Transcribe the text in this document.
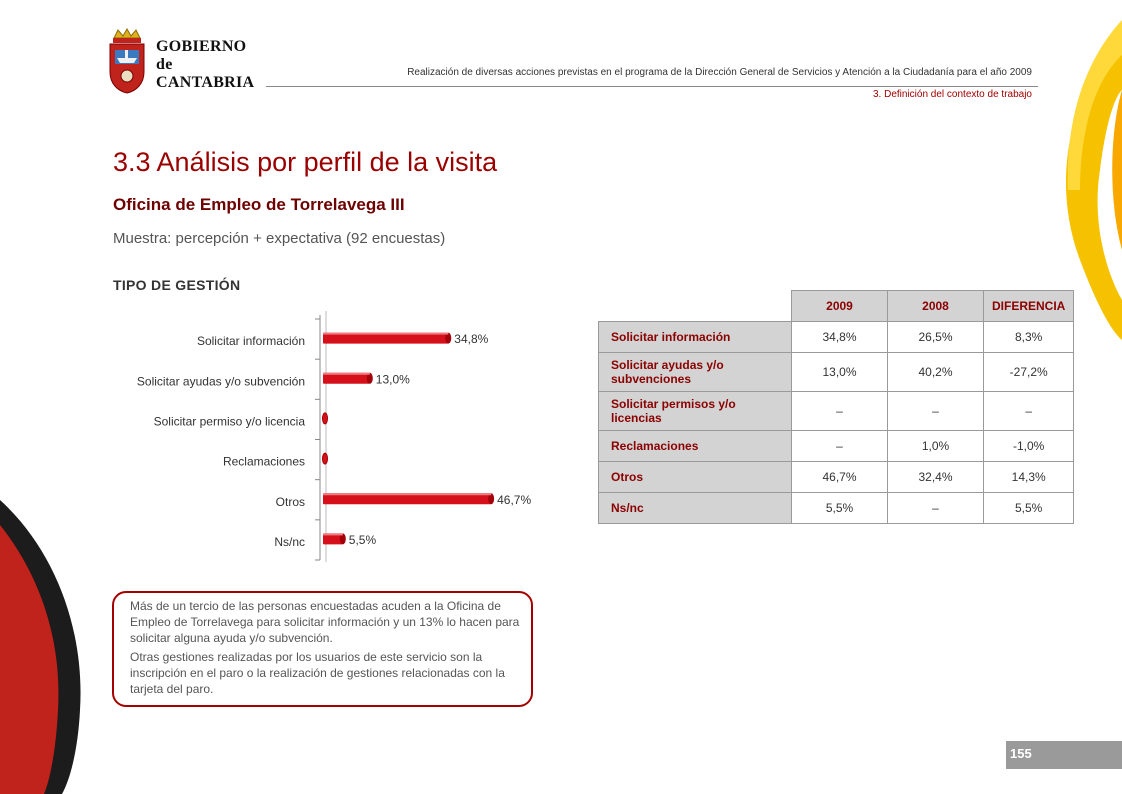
GOBIERNO
de
CANTABRIA
Realización de diversas acciones previstas en el programa de la Dirección General de Servicios y Atención a la Ciudadanía para el año 2009
3. Definición del contexto de trabajo
3.3 Análisis por perfil de la visita
Oficina de Empleo de Torrelavega III
Muestra: percepción + expectativa (92 encuestas)
TIPO DE GESTIÓN
Solicitar información	34,8%
Solicitar ayudas y/o subvención	13,0%
Solicitar permiso y/o licencia
Reclamaciones
Otros	46,7%
Ns/nc	5,5%
	2009	2008	DIFERENCIA
Solicitar información	34,8%	26,5%	8,3%
Solicitar ayudas y/o subvenciones	13,0%	40,2%	-27,2%
Solicitar permisos y/o licencias	–	–	–
Reclamaciones	–	1,0%	-1,0%
Otros	46,7%	32,4%	14,3%
Ns/nc	5,5%	–	5,5%

Más de un tercio de las personas encuestadas acuden a la Oficina de Empleo de Torrelavega para solicitar información y un 13% lo hacen para solicitar alguna ayuda y/o subvención.

Otras gestiones realizadas por los usuarios de este servicio son la inscripción en el paro o la realización de gestiones relacionadas con la tarjeta del paro.

155
